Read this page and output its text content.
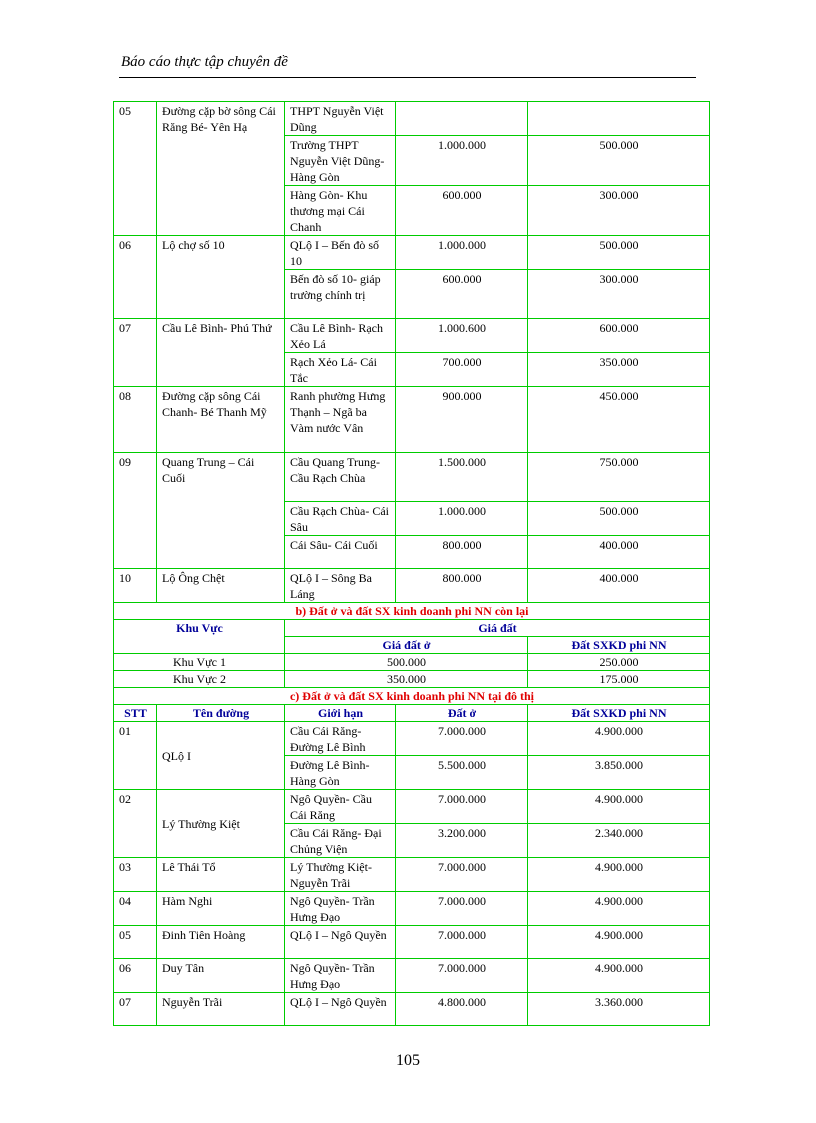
Báo cáo thực tập chuyên đề
05	Đường cặp bờ sông Cái Răng Bé- Yên Hạ	THPT Nguyễn Việt Dũng		
		Trường THPT Nguyễn Việt Dũng- Hàng Gòn	1.000.000	500.000
		Hàng Gòn- Khu thương mại Cái Chanh	600.000	300.000
06	Lộ chợ số 10	QLộ I – Bến đò số 10	1.000.000	500.000
		Bến đò số 10- giáp trường chính trị	600.000	300.000
07	Cầu Lê Bình- Phú Thứ	Cầu Lê Bình- Rạch Xẻo Lá	1.000.600	600.000
		Rạch Xẻo Lá- Cái Tắc	700.000	350.000
08	Đường cặp sông Cái Chanh- Bé Thanh Mỹ	Ranh phường Hưng Thạnh – Ngã ba Vàm nước Vân	900.000	450.000
09	Quang Trung – Cái Cuối	Cầu Quang Trung- Cầu Rạch Chùa	1.500.000	750.000
		Cầu Rạch Chùa- Cái Sâu	1.000.000	500.000
		Cái Sâu- Cái Cuối	800.000	400.000
10	Lộ Ông Chệt	QLộ I – Sông Ba Láng	800.000	400.000
b) Đất ở và đất SX kinh doanh phi NN còn lại				
Khu Vực		Giá đất		
		Giá đất ở		Đất SXKD phi NN
Khu Vực 1		500.000		250.000
Khu Vực 2		350.000		175.000
c) Đất ở và đất SX kinh doanh phi NN tại đô thị				
STT	Tên đường	Giới hạn	Đất ở	Đất SXKD phi NN
01	QLộ I	Cầu Cái Răng- Đường Lê Bình	7.000.000	4.900.000
		Đường Lê Bình- Hàng Gòn	5.500.000	3.850.000
02	Lý Thường Kiệt	Ngô Quyền- Cầu Cái Răng	7.000.000	4.900.000
		Cầu Cái Răng- Đại Chủng Viện	3.200.000	2.340.000
03	Lê Thái Tổ	Lý Thường Kiệt- Nguyễn Trãi	7.000.000	4.900.000
04	Hàm Nghi	Ngô Quyền- Trần Hưng Đạo	7.000.000	4.900.000
05	Đinh Tiên Hoàng	QLộ I – Ngô Quyền	7.000.000	4.900.000
06	Duy Tân	Ngô Quyền- Trần Hưng Đạo	7.000.000	4.900.000
07	Nguyễn Trãi	QLộ I – Ngô Quyền	4.800.000	3.360.000
105
